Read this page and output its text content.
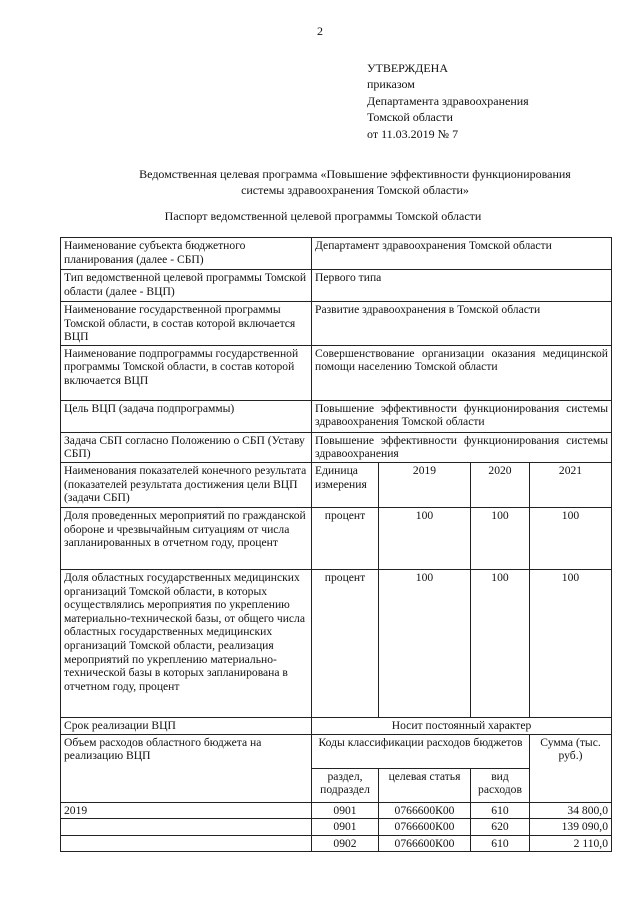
2
УТВЕРЖДЕНА
приказом
Департамента здравоохранения
Томской области
от 11.03.2019 № 7
Ведомственная целевая программа «Повышение эффективности функционирования
системы здравоохранения Томской области»
Паспорт ведомственной целевой программы Томской области
Наименование субъекта бюджетного планирования (далее - СБП)	Департамент здравоохранения Томской области			
Тип ведомственной целевой программы Томской области (далее - ВЦП)	Первого типа			
Наименование государственной программы Томской области, в состав которой включается ВЦП	Развитие здравоохранения в Томской области			
Наименование подпрограммы государственной программы Томской области, в состав которой включается ВЦП	Совершенствование организации оказания медицинской помощи населению Томской области			
Цель ВЦП (задача подпрограммы)	Повышение эффективности функционирования системы здравоохранения Томской области			
Задача СБП согласно Положению о СБП (Уставу СБП)	Повышение эффективности функционирования системы здравоохранения			
Наименования показателей конечного результата (показателей результата достижения цели ВЦП (задачи СБП)	Единица измерения	2019	2020	2021
Доля проведенных мероприятий по гражданской обороне и чрезвычайным ситуациям от числа запланированных в отчетном году, процент	процент	100	100	100
Доля областных государственных медицинских организаций Томской области, в которых осуществлялись мероприятия по укреплению материально-технической базы, от общего числа областных государственных медицинских организаций Томской области, реализация мероприятий по укреплению материально-технической базы в которых запланирована в отчетном году, процент	процент	100	100	100
Срок реализации ВЦП	Носит постоянный характер			
Объем расходов областного бюджета на реализацию ВЦП	Коды классификации расходов бюджетов			Сумма (тыс. руб.)
	раздел, подраздел	целевая статья	вид расходов	
2019	0901	0766600К00	610	34 800,0
	0901	0766600К00	620	139 090,0
	0902	0766600К00	610	2 110,0
